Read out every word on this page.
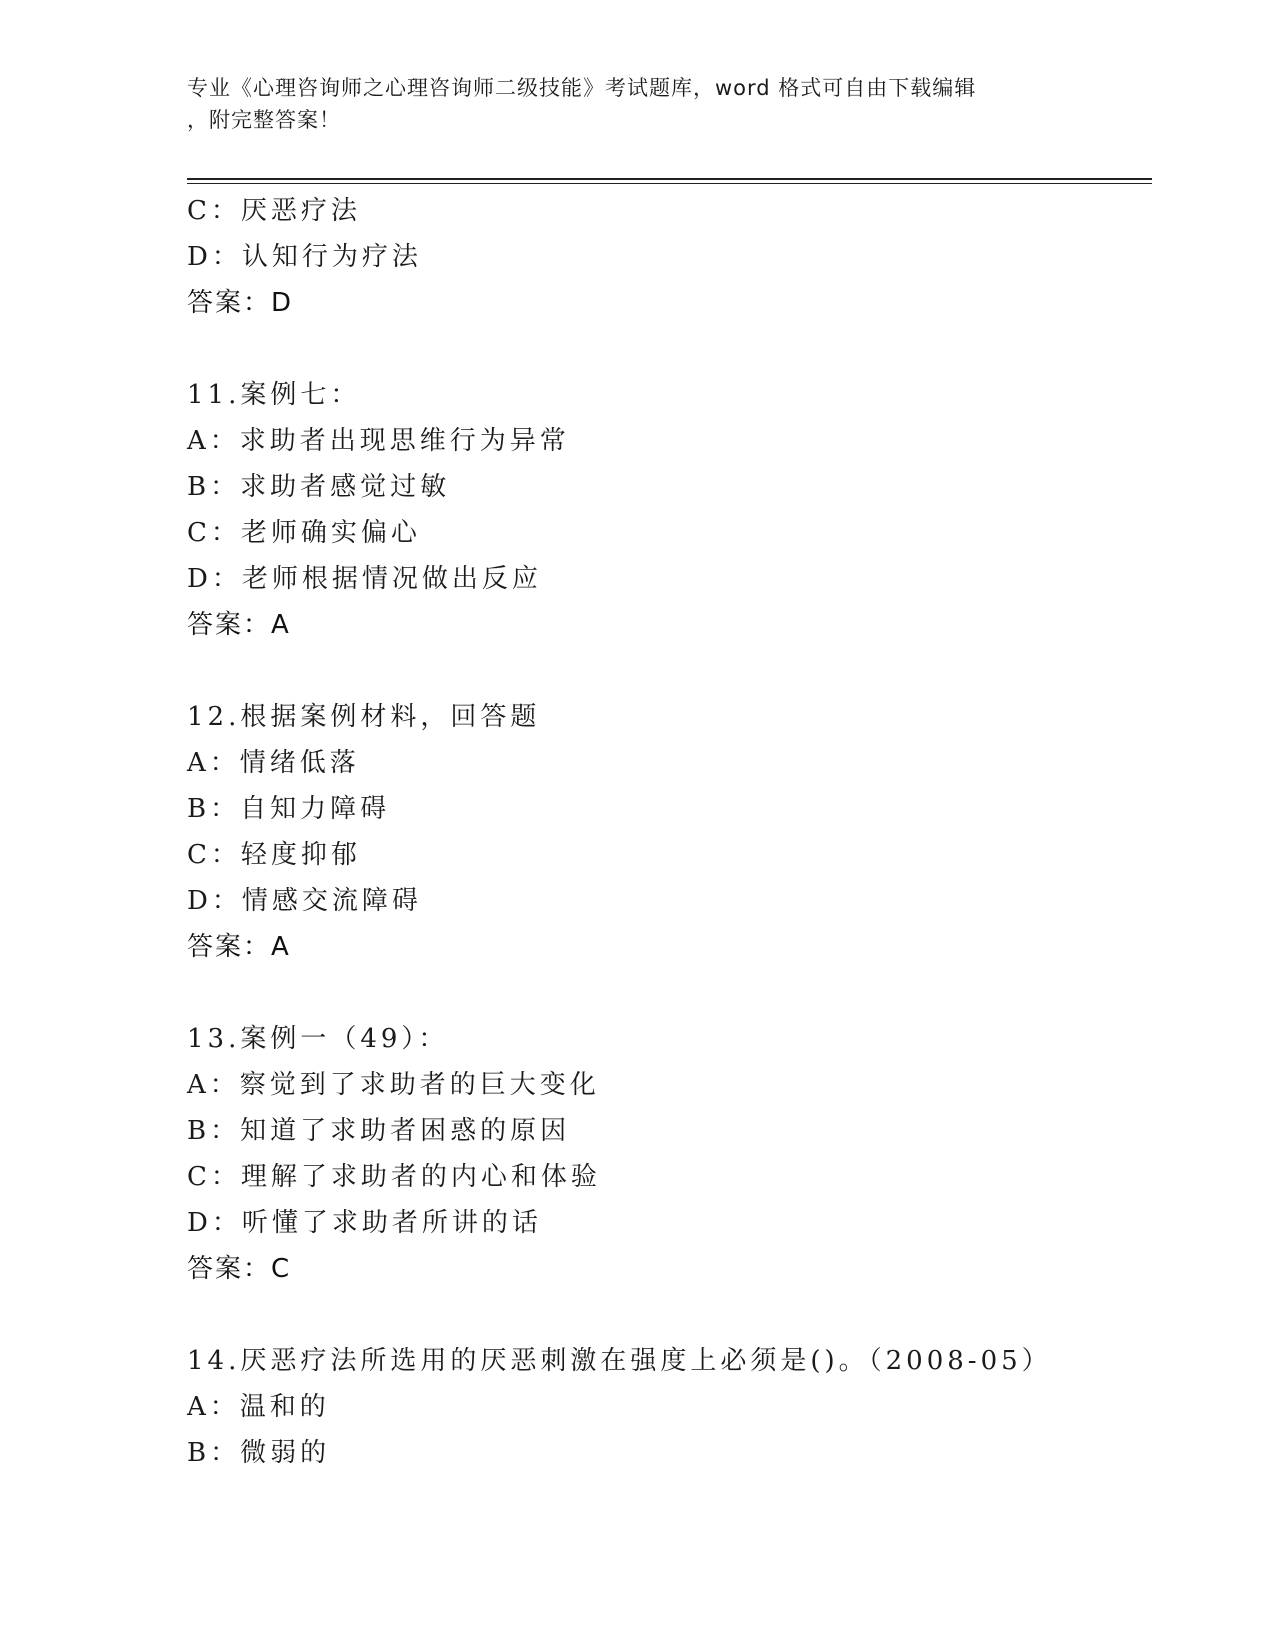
专业《心理咨询师之心理咨询师二级技能》考试题库，word 格式可自由下载编辑
，附完整答案！
C：厌恶疗法
D：认知行为疗法
答案：D
11.案例七：
A：求助者出现思维行为异常
B：求助者感觉过敏
C：老师确实偏心
D：老师根据情况做出反应
答案：A
12.根据案例材料，回答题
A：情绪低落
B：自知力障碍
C：轻度抑郁
D：情感交流障碍
答案：A
13.案例一（49）：
A：察觉到了求助者的巨大变化
B：知道了求助者困惑的原因
C：理解了求助者的内心和体验
D：听懂了求助者所讲的话
答案：C
14.厌恶疗法所选用的厌恶刺激在强度上必须是()。（2008-05）
A：温和的
B：微弱的
